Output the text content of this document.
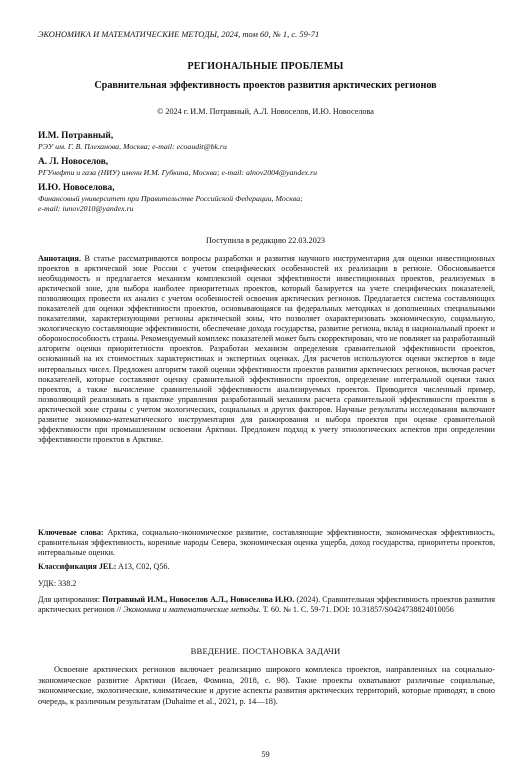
ЭКОНОМИКА И МАТЕМАТИЧЕСКИЕ МЕТОДЫ, 2024, том 60, № 1, с. 59-71
РЕГИОНАЛЬНЫЕ ПРОБЛЕМЫ
Сравнительная эффективность проектов развития арктических регионов
© 2024 г. И.М. Потравный, А.Л. Новоселов, И.Ю. Новоселова
И.М. Потравный,
РЭУ им. Г. В. Плеханова, Москва; e-mail: ecoaudit@bk.ru
А. Л. Новоселов,
РГУнефти и газа (НИУ) имени И.М. Губкина, Москва; e-mail: alnov2004@yandex.ru
И.Ю. Новоселова,
Финансовый университет при Правительстве Российской Федерации, Москва;
e-mail: iunov2010@yandex.ru
Поступила в редакцию 22.03.2023
Аннотация. В статье рассматриваются вопросы разработки и развития научного инструментария для оценки инвестиционных проектов в арктической зоне России с учетом специфических особенностей их реализации в регионе. Обосновывается необходимость и предлагается механизм комплексной оценки эффективности инвестиционных проектов, реализуемых в арктической зоне, для выбора наиболее приоритетных проектов, который базируется на учете специфических показателей, позволяющих провести их анализ с учетом особенностей освоения арктических регионов. Предлагается система составляющих показателей для оценки эффективности проектов, основывающаяся на федеральных методиках и дополненных специальными показателями, характеризующими регионы арктической зоны, что позволяет охарактеризовать экономическую, социальную, экологическую составляющие эффективности, обеспечение дохода государства, развитие региона, вклад в национальный проект и обороноспособность страны. Рекомендуемый комплекс показателей может быть скорректирован, что не повлияет на разработанный алгоритм оценки приоритетности проектов. Разработан механизм определения сравнительной эффективности проектов, основанный на их стоимостных характеристиках и экспертных оценках. Для расчетов используются оценки экспертов в виде интервальных чисел. Предложен алгоритм такой оценки эффективности проектов развития арктических регионов, включая расчет показателей, которые составляют оценку сравнительной эффективности проектов, определение интегральной оценки таких проектов, а также вычисление сравнительной эффективности анализируемых проектов. Приводится численный пример, позволяющий реализовать в практике управления разработанный механизм расчета сравнительной эффективности проектов в арктической зоне страны с учетом экологических, социальных и других факторов. Научные результаты исследования включают развитие экономико-математического инструментария для ранжирования и выбора проектов при оценке сравнительной эффективности при промышленном освоении Арктики. Предложен подход к учету этнологических аспектов при определении эффективности проектов в Арктике.
Ключевые слова: Арктика, социально-экономическое развитие, составляющие эффективности, экономическая эффективность, сравнительная эффективность, коренные народы Севера, экономическая оценка ущерба, доход государства, приоритеты проектов, интервальные оценки.
Классификация JEL: A13, C02, Q56.
УДК: 338.2
Для цитирования: Потравный И.М., Новоселов А.Л., Новоселова И.Ю. (2024). Сравнительная эффективность проектов развития арктических регионов // Экономика и математические методы. Т. 60. № 1. С. 59-71. DOI: 10.31857/S0424738824010056
ВВЕДЕНИЕ. ПОСТАНОВКА ЗАДАЧИ
Освоение арктических регионов включает реализацию широкого комплекса проектов, направленных на социально-экономическое развитие Арктики (Исаев, Фомина, 2018, с. 98). Такие проекты охватывают различные социальные, экономические, экологические, климатические и другие аспекты развития арктических территорий, которые приводят, в свою очередь, к различным результатам (Duhaime et al., 2021, p. 14—18).
59
